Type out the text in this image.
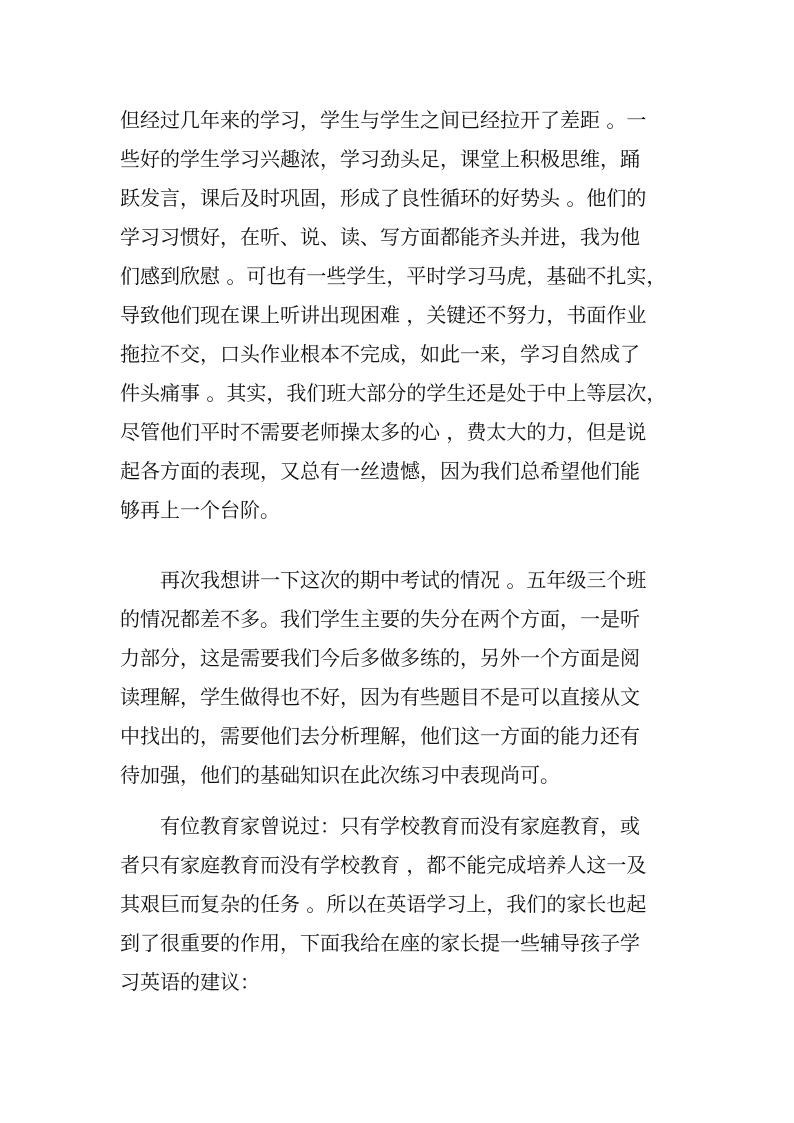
但经过几年来的学习，学生与学生之间已经拉开了差距 。一
些好的学生学习兴趣浓，学习劲头足，课堂上积极思维，踊
跃发言，课后及时巩固，形成了良性循环的好势头 。他们的
学习习惯好，在听、说、读、写方面都能齐头并进，我为他
们感到欣慰 。可也有一些学生，平时学习马虎，基础不扎实，
导致他们现在课上听讲出现困难 ，关键还不努力，书面作业
拖拉不交，口头作业根本不完成，如此一来，学习自然成了
件头痛事 。其实，我们班大部分的学生还是处于中上等层次，
尽管他们平时不需要老师操太多的心 ，费太大的力，但是说
起各方面的表现，又总有一丝遗憾，因为我们总希望他们能
够再上一个台阶。
再次我想讲一下这次的期中考试的情况 。五年级三个班
的情况都差不多。我们学生主要的失分在两个方面，一是听
力部分，这是需要我们今后多做多练的，另外一个方面是阅
读理解，学生做得也不好，因为有些题目不是可以直接从文
中找出的，需要他们去分析理解，他们这一方面的能力还有
待加强，他们的基础知识在此次练习中表现尚可。
有位教育家曾说过：只有学校教育而没有家庭教育，或
者只有家庭教育而没有学校教育 ，都不能完成培养人这一及
其艰巨而复杂的任务 。所以在英语学习上，我们的家长也起
到了很重要的作用，下面我给在座的家长提一些辅导孩子学
习英语的建议：
